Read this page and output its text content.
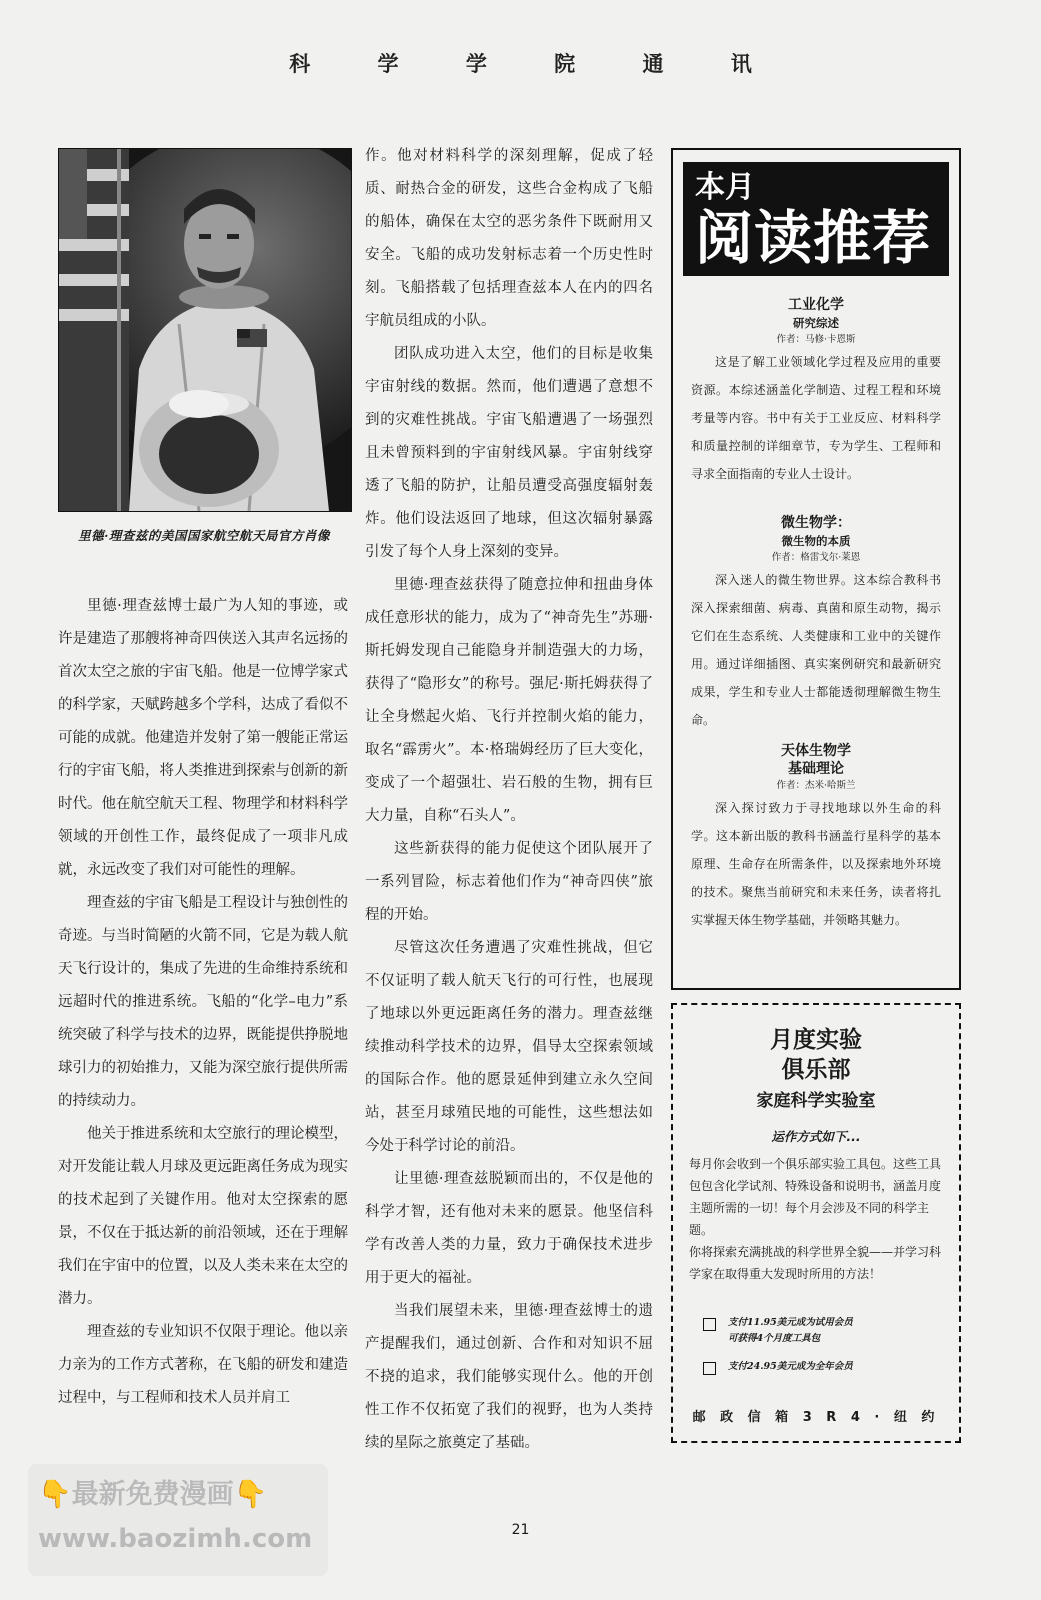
科 学 学 院 通 讯
里德·理查兹的美国国家航空航天局官方肖像

里德·理查兹博士最广为人知的事迹，或许是建造了那艘将神奇四侠送入其声名远扬的首次太空之旅的宇宙飞船。他是一位博学家式的科学家，天赋跨越多个学科，达成了看似不可能的成就。他建造并发射了第一艘能正常运行的宇宙飞船，将人类推进到探索与创新的新时代。他在航空航天工程、物理学和材料科学领域的开创性工作，最终促成了一项非凡成就，永远改变了我们对可能性的理解。

理查兹的宇宙飞船是工程设计与独创性的奇迹。与当时简陋的火箭不同，它是为载人航天飞行设计的，集成了先进的生命维持系统和远超时代的推进系统。飞船的“化学–电力”系统突破了科学与技术的边界，既能提供挣脱地球引力的初始推力，又能为深空旅行提供所需的持续动力。

他关于推进系统和太空旅行的理论模型，对开发能让载人月球及更远距离任务成为现实的技术起到了关键作用。他对太空探索的愿景，不仅在于抵达新的前沿领域，还在于理解我们在宇宙中的位置，以及人类未来在太空的潜力。

理查兹的专业知识不仅限于理论。他以亲力亲为的工作方式著称，在飞船的研发和建造过程中，与工程师和技术人员并肩工

作。他对材料科学的深刻理解，促成了轻质、耐热合金的研发，这些合金构成了飞船的船体，确保在太空的恶劣条件下既耐用又安全。飞船的成功发射标志着一个历史性时刻。飞船搭载了包括理查兹本人在内的四名宇航员组成的小队。

团队成功进入太空，他们的目标是收集宇宙射线的数据。然而，他们遭遇了意想不到的灾难性挑战。宇宙飞船遭遇了一场强烈且未曾预料到的宇宙射线风暴。宇宙射线穿透了飞船的防护，让船员遭受高强度辐射轰炸。他们设法返回了地球，但这次辐射暴露引发了每个人身上深刻的变异。

里德·理查兹获得了随意拉伸和扭曲身体成任意形状的能力，成为了“神奇先生”苏珊·斯托姆发现自己能隐身并制造强大的力场，获得了“隐形女”的称号。强尼·斯托姆获得了让全身燃起火焰、飞行并控制火焰的能力，取名“霹雳火”。本·格瑞姆经历了巨大变化，变成了一个超强壮、岩石般的生物，拥有巨大力量，自称“石头人”。

这些新获得的能力促使这个团队展开了一系列冒险，标志着他们作为“神奇四侠”旅程的开始。

尽管这次任务遭遇了灾难性挑战，但它不仅证明了载人航天飞行的可行性，也展现了地球以外更远距离任务的潜力。理查兹继续推动科学技术的边界，倡导太空探索领域的国际合作。他的愿景延伸到建立永久空间站，甚至月球殖民地的可能性，这些想法如今处于科学讨论的前沿。

让里德·理查兹脱颖而出的，不仅是他的科学才智，还有他对未来的愿景。他坚信科学有改善人类的力量，致力于确保技术进步用于更大的福祉。

当我们展望未来，里德·理查兹博士的遗产提醒我们，通过创新、合作和对知识不屈不挠的追求，我们能够实现什么。他的开创性工作不仅拓宽了我们的视野，也为人类持续的星际之旅奠定了基础。

本月
阅读推荐
工业化学
研究综述
作者：马修·卡恩斯

这是了解工业领域化学过程及应用的重要资源。本综述涵盖化学制造、过程工程和环境考量等内容。书中有关于工业反应、材料科学和质量控制的详细章节，专为学生、工程师和寻求全面指南的专业人士设计。

微生物学：
微生物的本质
作者：格雷戈尔·莱恩

深入迷人的微生物世界。这本综合教科书深入探索细菌、病毒、真菌和原生动物，揭示它们在生态系统、人类健康和工业中的关键作用。通过详细插图、真实案例研究和最新研究成果，学生和专业人士都能透彻理解微生物生命。

天体生物学
基础理论
作者：杰米·哈斯兰

深入探讨致力于寻找地球以外生命的科学。这本新出版的教科书涵盖行星科学的基本原理、生命存在所需条件，以及探索地外环境的技术。聚焦当前研究和未来任务，读者将扎实掌握天体生物学基础，并领略其魅力。

月度实验
俱乐部
家庭科学实验室
运作方式如下...
每月你会收到一个俱乐部实验工具包。这些工具包包含化学试剂、特殊设备和说明书，涵盖月度主题所需的一切！每个月会涉及不同的科学主题。
你将探索充满挑战的科学世界全貌——并学习科学家在取得重大发现时所用的方法！
支付11.95美元成为试用会员
可获得4个月度工具包
支付24.95美元成为全年会员
邮 政 信 箱 3 R 4 · 纽 约
21
👇最新免费漫画👇
www.baozimh.com
